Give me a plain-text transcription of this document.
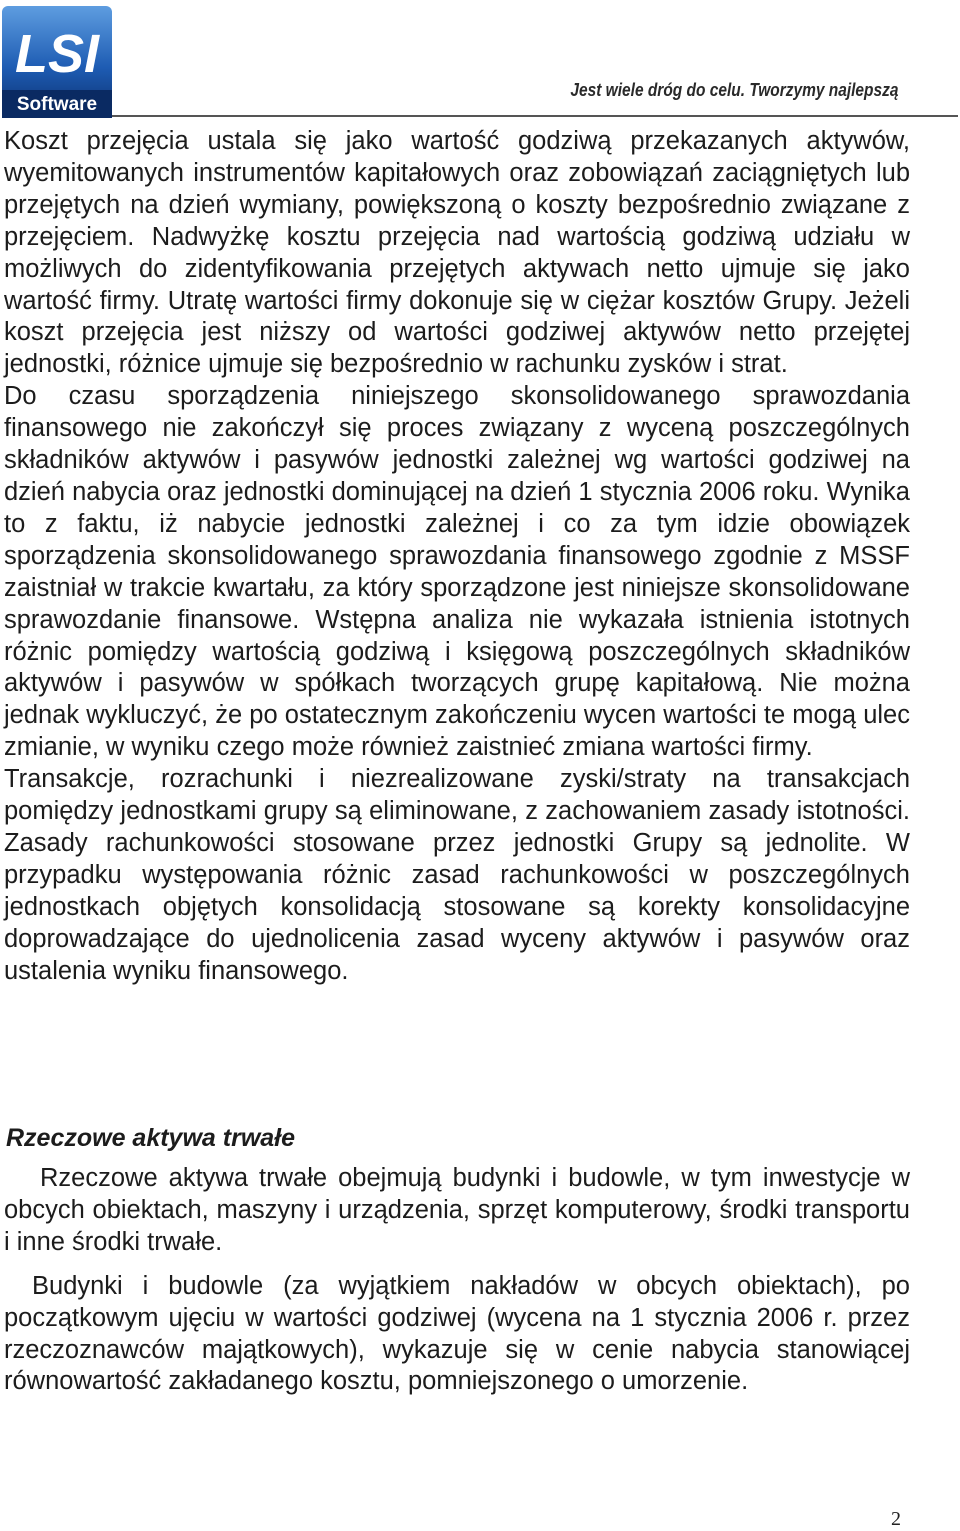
LSI
Software
Jest wiele dróg do celu. Tworzymy najlepszą

Koszt przejęcia ustala się jako wartość godziwą przekazanych aktywów, wyemitowanych instrumentów kapitałowych oraz zobowiązań zaciągniętych lub przejętych na dzień wymiany, powiększoną o koszty bezpośrednio związane z przejęciem. Nadwyżkę kosztu przejęcia nad wartością godziwą udziału w możliwych do zidentyfikowania przejętych aktywach netto ujmuje się jako wartość firmy. Utratę wartości firmy dokonuje się w ciężar kosztów Grupy. Jeżeli koszt przejęcia jest niższy od wartości godziwej aktywów netto przejętej jednostki, różnice ujmuje się bezpośrednio w rachunku zysków i strat.

Do czasu sporządzenia niniejszego skonsolidowanego sprawozdania finansowego nie zakończył się proces związany z wyceną poszczególnych składników aktywów i pasywów jednostki zależnej wg wartości godziwej na dzień nabycia oraz jednostki dominującej na dzień 1 stycznia 2006 roku. Wynika to z faktu, iż nabycie jednostki zależnej i co za tym idzie obowiązek sporządzenia skonsolidowanego sprawozdania finansowego zgodnie z MSSF zaistniał w trakcie kwartału, za który sporządzone jest niniejsze skonsolidowane sprawozdanie finansowe. Wstępna analiza nie wykazała istnienia istotnych różnic pomiędzy wartością godziwą i księgową poszczególnych składników aktywów i pasywów w spółkach tworzących grupę kapitałową. Nie można jednak wykluczyć, że po ostatecznym zakończeniu wycen wartości te mogą ulec zmianie, w wyniku czego może również zaistnieć zmiana wartości firmy.

Transakcje, rozrachunki i niezrealizowane zyski/straty na transakcjach pomiędzy jednostkami grupy są eliminowane, z zachowaniem zasady istotności. Zasady rachunkowości stosowane przez jednostki Grupy są jednolite. W przypadku występowania różnic zasad rachunkowości w poszczególnych jednostkach objętych konsolidacją stosowane są korekty konsolidacyjne doprowadzające do ujednolicenia zasad wyceny aktywów i pasywów oraz ustalenia wyniku finansowego.

Rzeczowe aktywa trwałe

Rzeczowe aktywa trwałe obejmują budynki i budowle, w tym inwestycje w obcych obiektach, maszyny i urządzenia, sprzęt komputerowy, środki transportu i inne środki trwałe.

Budynki i budowle (za wyjątkiem nakładów w obcych obiektach), po początkowym ujęciu w wartości godziwej (wycena na 1 stycznia 2006 r. przez rzeczoznawców majątkowych), wykazuje się w cenie nabycia stanowiącej równowartość zakładanego kosztu, pomniejszonego o umorzenie.

2
